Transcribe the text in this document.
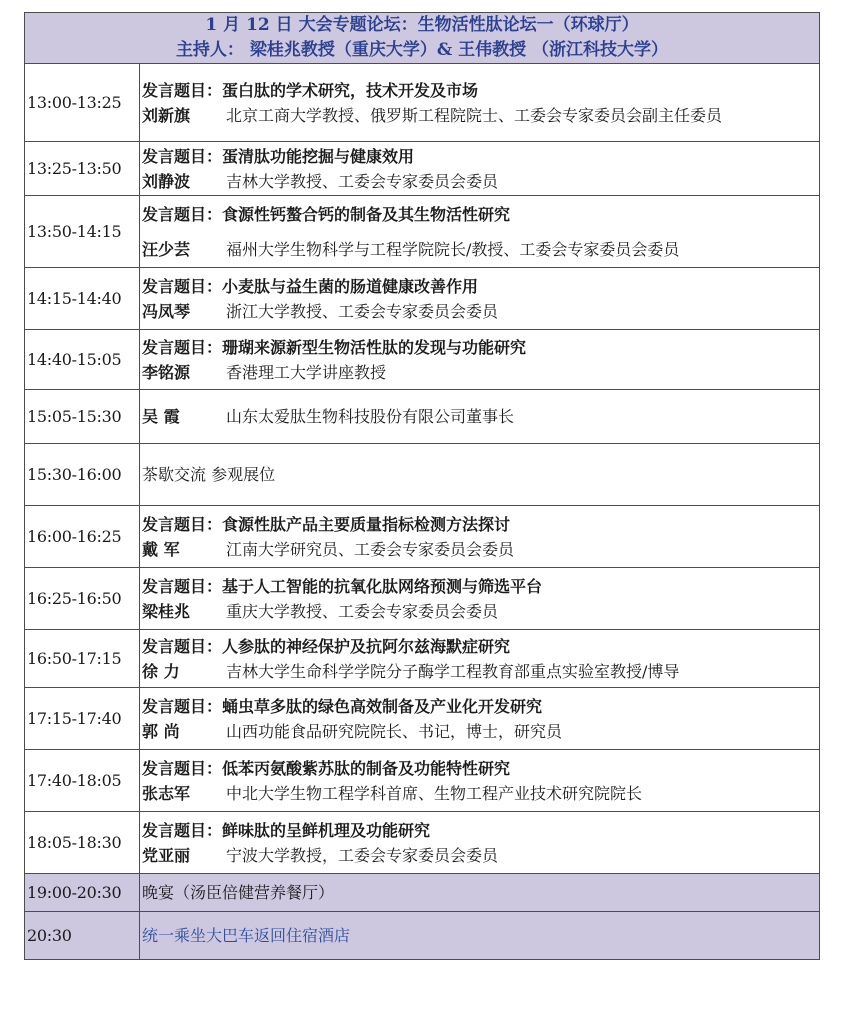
1 月 12 日 大会专题论坛：生物活性肽论坛一（环球厅）
主持人： 梁桂兆教授（重庆大学）& 王伟教授 （浙江科技大学）	

13:00-13:25	发言题目：蛋白肽的学术研究，技术开发及市场
刘新旗 北京工商大学教授、俄罗斯工程院院士、工委会专家委员会副主任委员

13:25-13:50	发言题目：蛋清肽功能挖掘与健康效用
刘静波 吉林大学教授、工委会专家委员会委员

13:50-14:15	发言题目：食源性钙螯合钙的制备及其生物活性研究
汪少芸 福州大学生物科学与工程学院院长/教授、工委会专家委员会委员

14:15-14:40	发言题目：小麦肽与益生菌的肠道健康改善作用
冯凤琴 浙江大学教授、工委会专家委员会委员

14:40-15:05	发言题目：珊瑚来源新型生物活性肽的发现与功能研究
李铭源 香港理工大学讲座教授

15:05-15:30	吴 霞 山东太爱肽生物科技股份有限公司董事长

15:30-16:00	茶歇交流 参观展位
16:00-16:25	发言题目：食源性肽产品主要质量指标检测方法探讨
戴 军 江南大学研究员、工委会专家委员会委员

16:25-16:50	发言题目：基于人工智能的抗氧化肽网络预测与筛选平台
梁桂兆 重庆大学教授、工委会专家委员会委员

16:50-17:15	发言题目：人参肽的神经保护及抗阿尔兹海默症研究
徐 力 吉林大学生命科学学院分子酶学工程教育部重点实验室教授/博导

17:15-17:40	发言题目：蛹虫草多肽的绿色高效制备及产业化开发研究
郭 尚 山西功能食品研究院院长、书记，博士，研究员

17:40-18:05	发言题目：低苯丙氨酸紫苏肽的制备及功能特性研究
张志军 中北大学生物工程学科首席、生物工程产业技术研究院院长

18:05-18:30	发言题目：鲜味肽的呈鲜机理及功能研究
党亚丽 宁波大学教授，工委会专家委员会委员

19:00-20:30	晚宴（汤臣倍健营养餐厅）
20:30	统一乘坐大巴车返回住宿酒店
